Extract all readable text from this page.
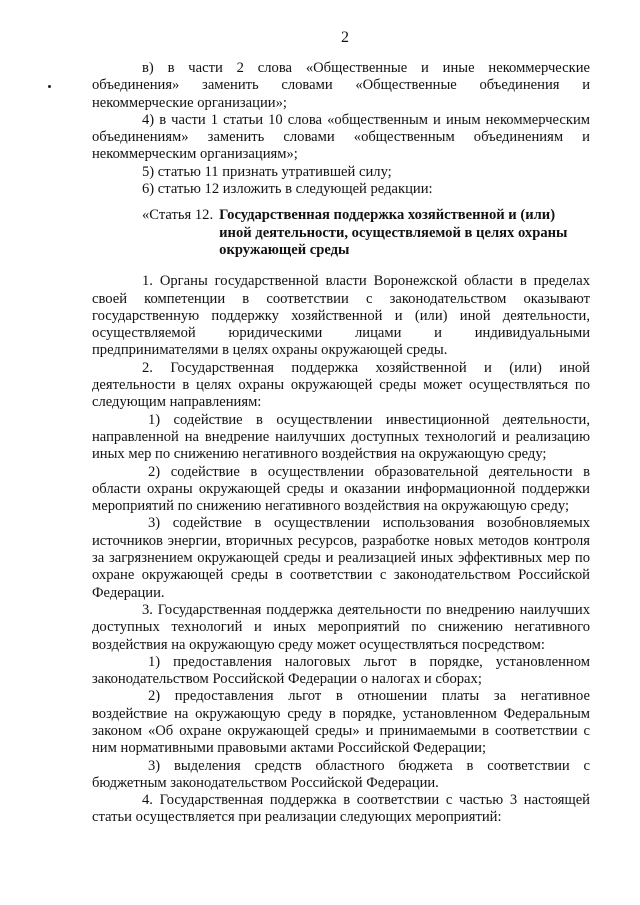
2

в) в части 2 слова «Общественные и иные некоммерческие объединения» заменить словами «Общественные объединения и некоммерческие организации»;

4) в части 1 статьи 10 слова «общественным и иным некоммерческим объединениям» заменить словами «общественным объединениям и некоммерческим организациям»;

5) статью 11 признать утратившей силу;

6) статью 12 изложить в следующей редакции:

«Статья 12. Государственная поддержка хозяйственной и (или) иной деятельности, осуществляемой в целях охраны окружающей среды

1. Органы государственной власти Воронежской области в пределах своей компетенции в соответствии с законодательством оказывают государственную поддержку хозяйственной и (или) иной деятельности, осуществляемой юридическими лицами и индивидуальными предпринимателями в целях охраны окружающей среды.

2. Государственная поддержка хозяйственной и (или) иной деятельности в целях охраны окружающей среды может осуществляться по следующим направлениям:

1) содействие в осуществлении инвестиционной деятельности, направленной на внедрение наилучших доступных технологий и реализацию иных мер по снижению негативного воздействия на окружающую среду;

2) содействие в осуществлении образовательной деятельности в области охраны окружающей среды и оказании информационной поддержки мероприятий по снижению негативного воздействия на окружающую среду;

3) содействие в осуществлении использования возобновляемых источников энергии, вторичных ресурсов, разработке новых методов контроля за загрязнением окружающей среды и реализацией иных эффективных мер по охране окружающей среды в соответствии с законодательством Российской Федерации.

3. Государственная поддержка деятельности по внедрению наилучших доступных технологий и иных мероприятий по снижению негативного воздействия на окружающую среду может осуществляться посредством:

1) предоставления налоговых льгот в порядке, установленном законодательством Российской Федерации о налогах и сборах;

2) предоставления льгот в отношении платы за негативное воздействие на окружающую среду в порядке, установленном Федеральным законом «Об охране окружающей среды» и принимаемыми в соответствии с ним нормативными правовыми актами Российской Федерации;

3) выделения средств областного бюджета в соответствии с бюджетным законодательством Российской Федерации.

4. Государственная поддержка в соответствии с частью 3 настоящей статьи осуществляется при реализации следующих мероприятий:
